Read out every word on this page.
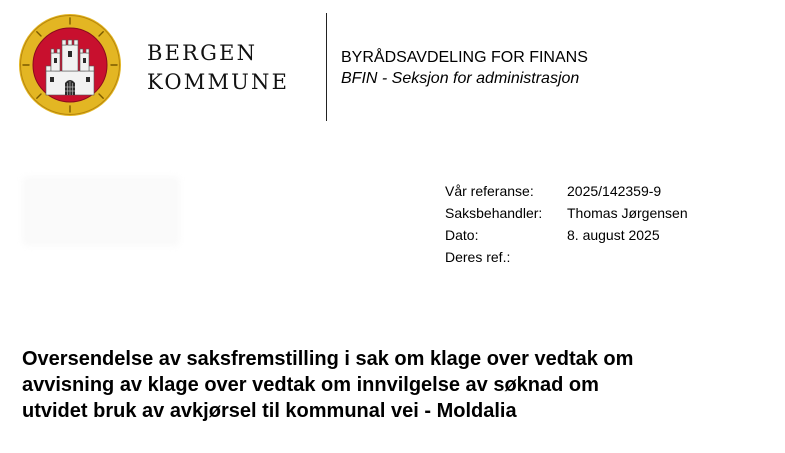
BERGEN
KOMMUNE
BYRÅDSAVDELING FOR FINANS
BFIN - Seksjon for administrasjon
Vår referanse:	2025/142359-9
Saksbehandler:	Thomas Jørgensen
Dato:	8. august 2025
Deres ref.:
Oversendelse av saksfremstilling i sak om klage over vedtak om
avvisning av klage over vedtak om innvilgelse av søknad om
utvidet bruk av avkjørsel til kommunal vei - Moldalia
